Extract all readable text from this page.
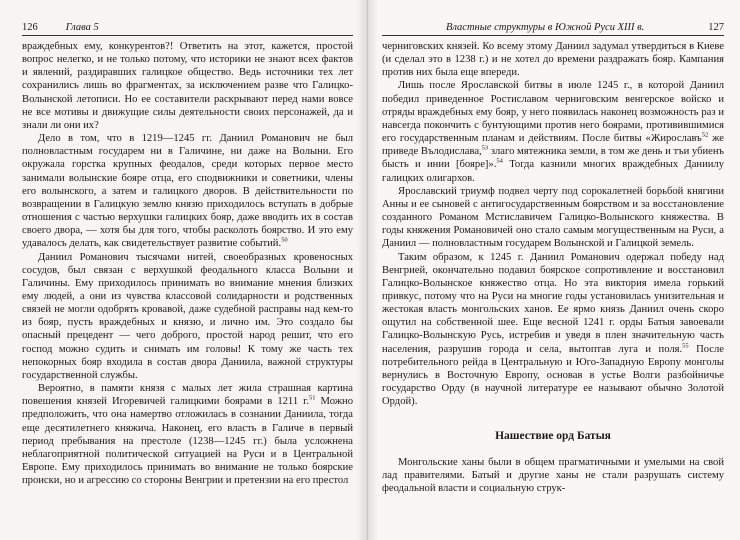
126	Глава 5

враждебных ему, конкурентов?! Ответить на этот, кажется, простой вопрос нелегко, и не только потому, что историки не знают всех фактов и явлений, раздиравших галицкое общество. Ведь источники тех лет сохранились лишь во фрагментах, за исключением разве что Галицко-Волынской летописи. Но ее составители раскрывают перед нами вовсе не все мотивы и движущие силы деятельности своих персонажей, да и знали ли они их?

Дело в том, что в 1219—1245 гг. Даниил Романович не был полновластным государем ни в Галичине, ни даже на Волыни. Его окружала горстка крупных феодалов, среди которых первое место занимали волынские бояре отца, его сподвижники и советники, члены его волынского, а затем и галицкого дворов. В действительности по возвращении в Галицкую землю князю приходилось вступать в добрые отношения с частью верхушки галицких бояр, даже вводить их в состав своего двора, — хотя бы для того, чтобы расколоть боярство. И это ему удавалось делать, как свидетельствует развитие событий.$^{50}$

Даниил Романович тысячами нитей, своеобразных кровеносных сосудов, был связан с верхушкой феодального класса Волыни и Галичины. Ему приходилось принимать во внимание мнения близких ему людей, а они из чувства классовой солидарности и родственных связей не могли одобрять кровавой, даже судебной расправы над кем-то из бояр, пусть враждебных и князю, и лично им. Это создало бы опасный прецедент — чего доброго, простой народ решит, что его господ можно судить и снимать им головы! К тому же часть тех непокорных бояр входила в состав двора Даниила, важной структуры государственной службы.

Вероятно, в памяти князя с малых лет жила страшная картина повешения князей Игоревичей галицкими боярами в 1211 г.$^{51}$ Можно предположить, что она намертво отложилась в сознании Даниила, тогда еще десятилетнего княжича. Наконец, его власть в Галиче в первый период пребывания на престоле (1238—1245 гг.) была усложнена неблагоприятной политической ситуацией на Руси и в Центральной Европе. Ему приходилось принимать во внимание не только боярские происки, но и агрессию со стороны Венгрии и претензии на его престол

Властные структуры в Южной Руси XIII в.	127

черниговских князей. Ко всему этому Даниил задумал утвердиться в Киеве (и сделал это в 1238 г.) и не хотел до времени раздражать бояр. Кампания против них была еще впереди.

Лишь после Ярославской битвы в июле 1245 г., в которой Даниил победил приведенное Ростиславом черниговским венгерское войско и отряды враждебных ему бояр, у него появилась наконец возможность раз и навсегда покончить с бунтующими против него боярами, противившимися его государственным планам и действиям. После битвы «Жирославъ$^{52}$ же приведе Вълодислава,$^{53}$ злаго мятежника земли, в том же день и тъи убиенъ бысть и инии [бояре]».$^{54}$ Тогда казнили многих враждебных Даниилу галицких олигархов.

Ярославский триумф подвел черту под сорокалетней борьбой княгини Анны и ее сыновей с антигосударственным боярством и за восстановление созданного Романом Мстиславичем Галицко-Волынского княжества. В годы княжения Романовичей оно стало самым могущественным на Руси, а Даниил — полновластным государем Волынской и Галицкой земель.

Таким образом, к 1245 г. Даниил Романович одержал победу над Венгрией, окончательно подавил боярское сопротивление и восстановил Галицко-Волынское княжество отца. Но эта виктория имела горький привкус, потому что на Руси на многие годы установилась унизительная и жестокая власть монгольских ханов. Ее ярмо князь Даниил очень скоро ощутил на собственной шее. Еще весной 1241 г. орды Батыя завоевали Галицко-Волынскую Русь, истребив и уведя в плен значительную часть населения, разрушив города и села, вытоптав луга и поля.$^{55}$ После потребительного рейда в Центральную и Юго-Западную Европу монголы вернулись в Восточную Европу, основав в устье Волги разбойничье государство Орду (в научной литературе ее называют обычно Золотой Ордой).

Нашествие орд Батыя

Монгольские ханы были в общем прагматичными и умелыми на свой лад правителями. Батый и другие ханы не стали разрушать систему феодальной власти и социальную струк-
